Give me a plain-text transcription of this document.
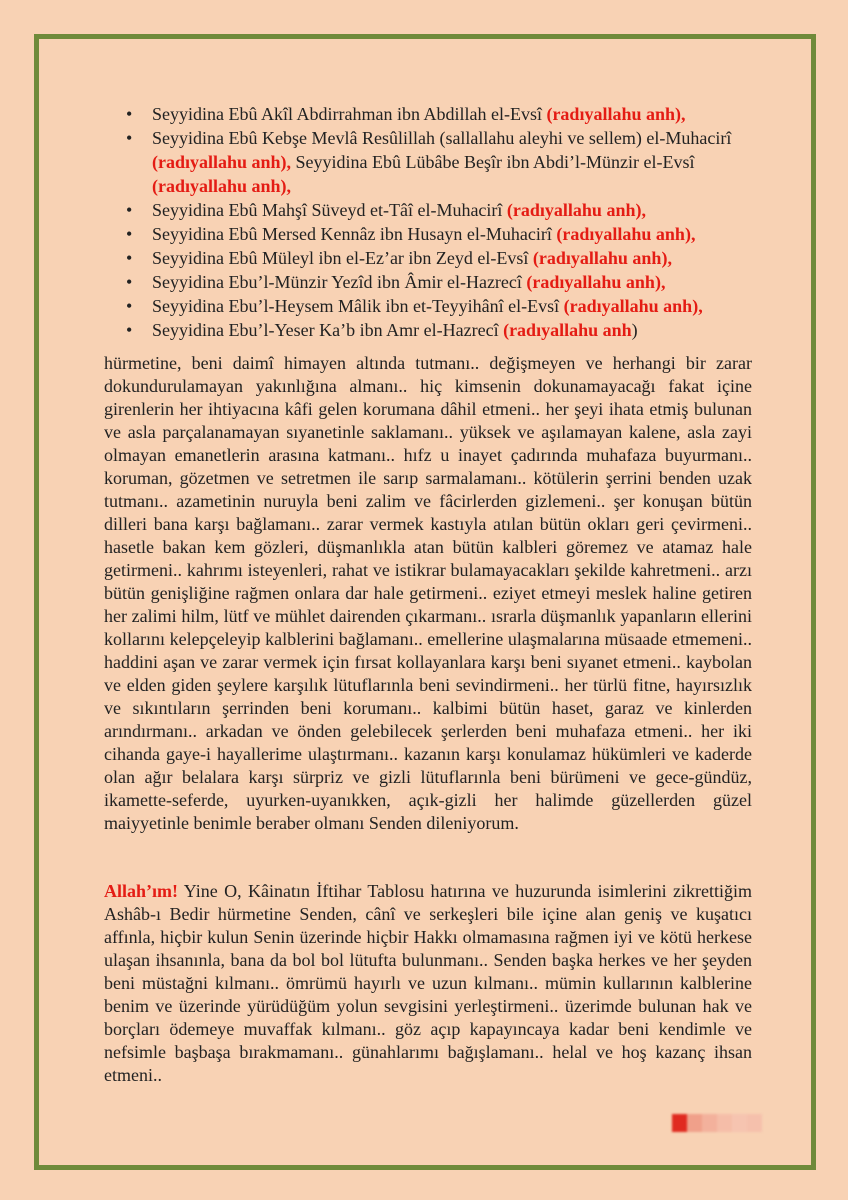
• Seyyidina Ebû Akîl Abdirrahman ibn Abdillah el-Evsî (radıyallahu anh),
• Seyyidina Ebû Kebşe Mevlâ Resûlillah (sallallahu aleyhi ve sellem) el-Muhacirî (radıyallahu anh), Seyyidina Ebû Lübâbe Beşîr ibn Abdi’l-Münzir el-Evsî (radıyallahu anh),
• Seyyidina Ebû Mahşî Süveyd et-Tâî el-Muhacirî (radıyallahu anh),
• Seyyidina Ebû Mersed Kennâz ibn Husayn el-Muhacirî (radıyallahu anh),
• Seyyidina Ebû Müleyl ibn el-Ez’ar ibn Zeyd el-Evsî (radıyallahu anh),
• Seyyidina Ebu’l-Münzir Yezîd ibn Âmir el-Hazrecî (radıyallahu anh),
• Seyyidina Ebu’l-Heysem Mâlik ibn et-Teyyihânî el-Evsî (radıyallahu anh),
• Seyyidina Ebu’l-Yeser Ka’b ibn Amr el-Hazrecî (radıyallahu anh)

hürmetine, beni daimî himayen altında tutmanı.. değişmeyen ve herhangi bir zarar dokundurulamayan yakınlığına almanı.. hiç kimsenin dokunamayacağı fakat içine girenlerin her ihtiyacına kâfi gelen korumana dâhil etmeni.. her şeyi ihata etmiş bulunan ve asla parçalanamayan sıyanetinle saklamanı.. yüksek ve aşılamayan kalene, asla zayi olmayan emanetlerin arasına katmanı.. hıfz u inayet çadırında muhafaza buyurmanı.. koruman, gözetmen ve setretmen ile sarıp sarmalamanı.. kötülerin şerrini benden uzak tutmanı.. azametinin nuruyla beni zalim ve fâcirlerden gizlemeni.. şer konuşan bütün dilleri bana karşı bağlamanı.. zarar vermek kastıyla atılan bütün okları geri çevirmeni.. hasetle bakan kem gözleri, düşmanlıkla atan bütün kalbleri göremez ve atamaz hale getirmeni.. kahrımı isteyenleri, rahat ve istikrar bulamayacakları şekilde kahretmeni.. arzı bütün genişliğine rağmen onlara dar hale getirmeni.. eziyet etmeyi meslek haline getiren her zalimi hilm, lütf ve mühlet dairenden çıkarmanı.. ısrarla düşmanlık yapanların ellerini kollarını kelepçeleyip kalblerini bağlamanı.. emellerine ulaşmalarına müsaade etmemeni.. haddini aşan ve zarar vermek için fırsat kollayanlara karşı beni sıyanet etmeni.. kaybolan ve elden giden şeylere karşılık lütuflarınla beni sevindirmeni.. her türlü fitne, hayırsızlık ve sıkıntıların şerrinden beni korumanı.. kalbimi bütün haset, garaz ve kinlerden arındırmanı.. arkadan ve önden gelebilecek şerlerden beni muhafaza etmeni.. her iki cihanda gaye-i hayallerime ulaştırmanı.. kazanın karşı konulamaz hükümleri ve kaderde olan ağır belalara karşı sürpriz ve gizli lütuflarınla beni bürümeni ve gece-gündüz, ikamette-seferde, uyurken-uyanıkken, açık-gizli her halimde güzellerden güzel maiyyetinle benimle beraber olmanı Senden dileniyorum.

Allah’ım! Yine O, Kâinatın İftihar Tablosu hatırına ve huzurunda isimlerini zikrettiğim Ashâb-ı Bedir hürmetine Senden, cânî ve serkeşleri bile içine alan geniş ve kuşatıcı affınla, hiçbir kulun Senin üzerinde hiçbir Hakkı olmamasına rağmen iyi ve kötü herkese ulaşan ihsanınla, bana da bol bol lütufta bulunmanı.. Senden başka herkes ve her şeyden beni müstağni kılmanı.. ömrümü hayırlı ve uzun kılmanı.. mümin kullarının kalblerine benim ve üzerinde yürüdüğüm yolun sevgisini yerleştirmeni.. üzerimde bulunan hak ve borçları ödemeye muvaffak kılmanı.. göz açıp kapayıncaya kadar beni kendimle ve nefsimle başbaşa bırakmamanı.. günahlarımı bağışlamanı.. helal ve hoş kazanç ihsan etmeni..
